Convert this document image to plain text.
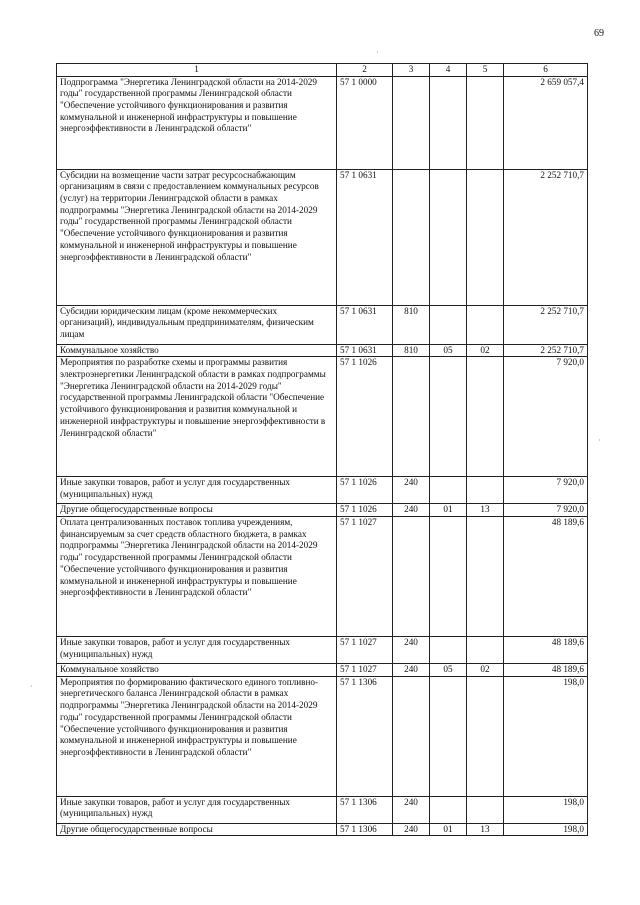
69
·
·
·
1	2	3	4	5	6
Подпрограмма "Энергетика Ленинградской области на 2014-2029 годы" государственной программы Ленинградской области "Обеспечение устойчивого функционирования и развития коммунальной и инженерной инфраструктуры и повышение энергоэффективности в Ленинградской области"	57 1 0000				2 659 057,4
Субсидии на возмещение части затрат ресурсоснабжающим организациям в связи с предоставлением коммунальных ресурсов (услуг) на территории Ленинградской области в рамках подпрограммы "Энергетика Ленинградской области на 2014-2029 годы" государственной программы Ленинградской области "Обеспечение устойчивого функционирования и развития коммунальной и инженерной инфраструктуры и повышение энергоэффективности в Ленинградской области"	57 1 0631				2 252 710,7
Субсидии юридическим лицам (кроме некоммерческих организаций), индивидуальным предпринимателям, физическим лицам	57 1 0631	810			2 252 710,7
Коммунальное хозяйство	57 1 0631	810	05	02	2 252 710,7
Мероприятия по разработке схемы и программы развития электроэнергетики Ленинградской области в рамках подпрограммы "Энергетика Ленинградской области на 2014-2029 годы" государственной программы Ленинградской области "Обеспечение устойчивого функционирования и развития коммунальной и инженерной инфраструктуры и повышение энергоэффективности в Ленинградской области"	57 1 1026				7 920,0
Иные закупки товаров, работ и услуг для государственных (муниципальных) нужд	57 1 1026	240			7 920,0
Другие общегосударственные вопросы	57 1 1026	240	01	13	7 920,0
Оплата централизованных поставок топлива учреждениям, финансируемым за счет средств областного бюджета, в рамках подпрограммы "Энергетика Ленинградской области на 2014-2029 годы" государственной программы Ленинградской области "Обеспечение устойчивого функционирования и развития коммунальной и инженерной инфраструктуры и повышение энергоэффективности в Ленинградской области"	57 1 1027				48 189,6
Иные закупки товаров, работ и услуг для государственных (муниципальных) нужд	57 1 1027	240			48 189,6
Коммунальное хозяйство	57 1 1027	240	05	02	48 189,6
Мероприятия по формированию фактического единого топливно-энергетического баланса Ленинградской области в рамках подпрограммы "Энергетика Ленинградской области на 2014-2029 годы" государственной программы Ленинградской области "Обеспечение устойчивого функционирования и развития коммунальной и инженерной инфраструктуры и повышение энергоэффективности в Ленинградской области"	57 1 1306				198,0
Иные закупки товаров, работ и услуг для государственных (муниципальных) нужд	57 1 1306	240			198,0
Другие общегосударственные вопросы	57 1 1306	240	01	13	198,0
